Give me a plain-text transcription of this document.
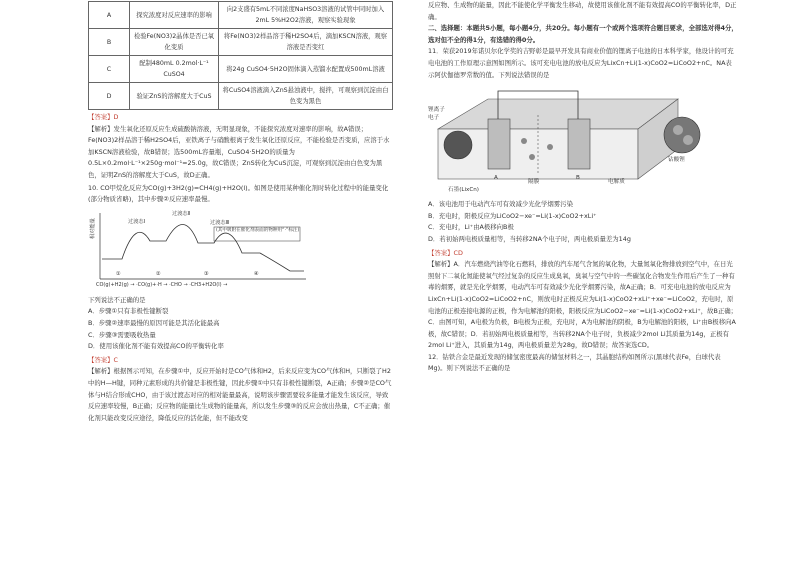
A	探究浓度对反应速率的影响	向2支盛有5mL不同浓度NaHSO3溶液的试管中同时加入2mL 5%H2O2溶液，观察实验现象
B	检验Fe(NO3)2晶体是否已氧化变质	将Fe(NO3)2样品溶于稀H2SO4后，滴加KSCN溶液，观察溶液是否变红
C	配制480mL 0.2mol·L⁻¹ CuSO4	将24g CuSO4·5H2O固体滴入蒸馏水配置成500mL溶液
D	验证ZnS的溶解度大于CuS	将CuSO4溶液滴入ZnS悬浊液中，搅拌，可观察到沉淀由白色变为黑色

【答案】D

【解析】发生氧化还原反应生成硫酸钠溶液，无明显现象，不能探究浓度对速率的影响，故A错误；Fe(NO3)2样品溶于稀H2SO4后，亚铁离子与硝酸根离子发生氧化还原反应，不能检验是否变质，应溶于水加KSCN溶液检验，故B错误；选500mL容量瓶，CuSO4·5H2O的质量为0.5L×0.2mol·L⁻¹×250g·mol⁻¹=25.0g，故C错误；ZnS转化为CuS沉淀，可观察到沉淀由白色变为黑色，证明ZnS的溶解度大于CuS，故D正确。

10. CO甲烷化反应为CO(g)+3H2(g)=CH4(g)+H2O(l)。如图是使用某种催化剂时转化过程中的能量变化(部分物质省略)，其中步骤②反应速率最慢。

相对能量	过渡态Ⅰ
过渡态Ⅱ
过渡态Ⅲ
(其中吸附在催化剂表面的物种用“·”标注)
CO(g)+H2(g) → ·CO(g)+·H → ·CHO → ·CH3+H2O(l) →
①	②	③	④

下列说法不正确的是

A．步骤①只有非极性键断裂

B．步骤②速率最慢的原因可能是其活化能最高

C．步骤③需要吸收热量

D．使用该催化剂不能有效提高CO的平衡转化率

【答案】C

【解析】根据图示可知，在步骤①中，反应开始时是CO气体和H2，后来反应变为CO气体和H，只断裂了H2中的H—H键，同种元素形成的共价键是非极性键，因此步骤①中只有非极性键断裂，A正确；步骤②是CO气体与H结合形成CHO，由于该过渡态对应的相对能量最高，说明该步骤需要较多能量才能发生该反应，导致反应速率较慢，B正确；反应物的能量比生成物的能量高，所以发生步骤③的反应会放出热量，C不正确；催化剂只能改变反应途径，降低反应的活化能，但不能改变

反应物、生成物的能量，因此不能使化学平衡发生移动，故使用该催化剂不能有效提高CO的平衡转化率，D正确。

二、选择题：本题共5小题，每小题4分，共20分。每小题有一个或两个选项符合题目要求，全部选对得4分，选对但不全的得1分，有选错的得0分。

11．荣获2019年诺贝尔化学奖的吉野彰是最早开发具有商业价值的锂离子电池的日本科学家，他设计的可充电电池的工作原理示意图如图所示。该可充电电池的放电反应为LixCn+Li(1-x)CoO2=LiCoO2+nC。NA表示阿伏伽德罗常数的值。下列说法错误的是

锂离子
电子
A	B
隔膜	电解质
石墨(LixCn)
钴酸锂

A．该电池用于电动汽车可有效减少光化学烟雾污染

B．充电时，阳极反应为LiCoO2−xe⁻=Li(1-x)CoO2+xLi⁺

C．充电时，Li⁺由A极移向B极

D．若初始两电极质量相等，当转移2NA个电子时，两电极质量差为14g

【答案】CD

【解析】A．汽车燃烧汽油等化石燃料，排放的汽车尾气含氮的氧化物，大量氮氧化物排放到空气中，在日光照射下二氧化氮能使氧气经过复杂的反应生成臭氧，臭氧与空气中的一些碳氢化合物发生作用后产生了一种有毒的烟雾，就是光化学烟雾，电动汽车可有效减少光化学烟雾污染，故A正确；B．可充电电池的放电反应为LixCn+Li(1-x)CoO2=LiCoO2+nC，则放电时正极反应为Li(1-x)CoO2+xLi⁺+xe⁻=LiCoO2，充电时，原电池的正极连接电源的正极，作为电解池的阳极，阳极反应为LiCoO2−xe⁻=Li(1-x)CoO2+xLi⁺，故B正确；C．由图可知，A电极为负极，B电极为正极，充电时，A为电解池的阴极，B为电解池的阳极，Li⁺由B极移向A极，故C错误；D．若初始两电极质量相等，当转移2NA个电子时，负极减少2mol Li其质量为14g，正极有2mol Li⁺进入，其质量为14g，两电极质量差为28g，故D错误；故答案选CD。

12．钴铁合金是最近发现的储氢密度最高的储氢材料之一，其晶胞结构如图所示(黑球代表Fe，白球代表Mg)。则下列说法不正确的是
